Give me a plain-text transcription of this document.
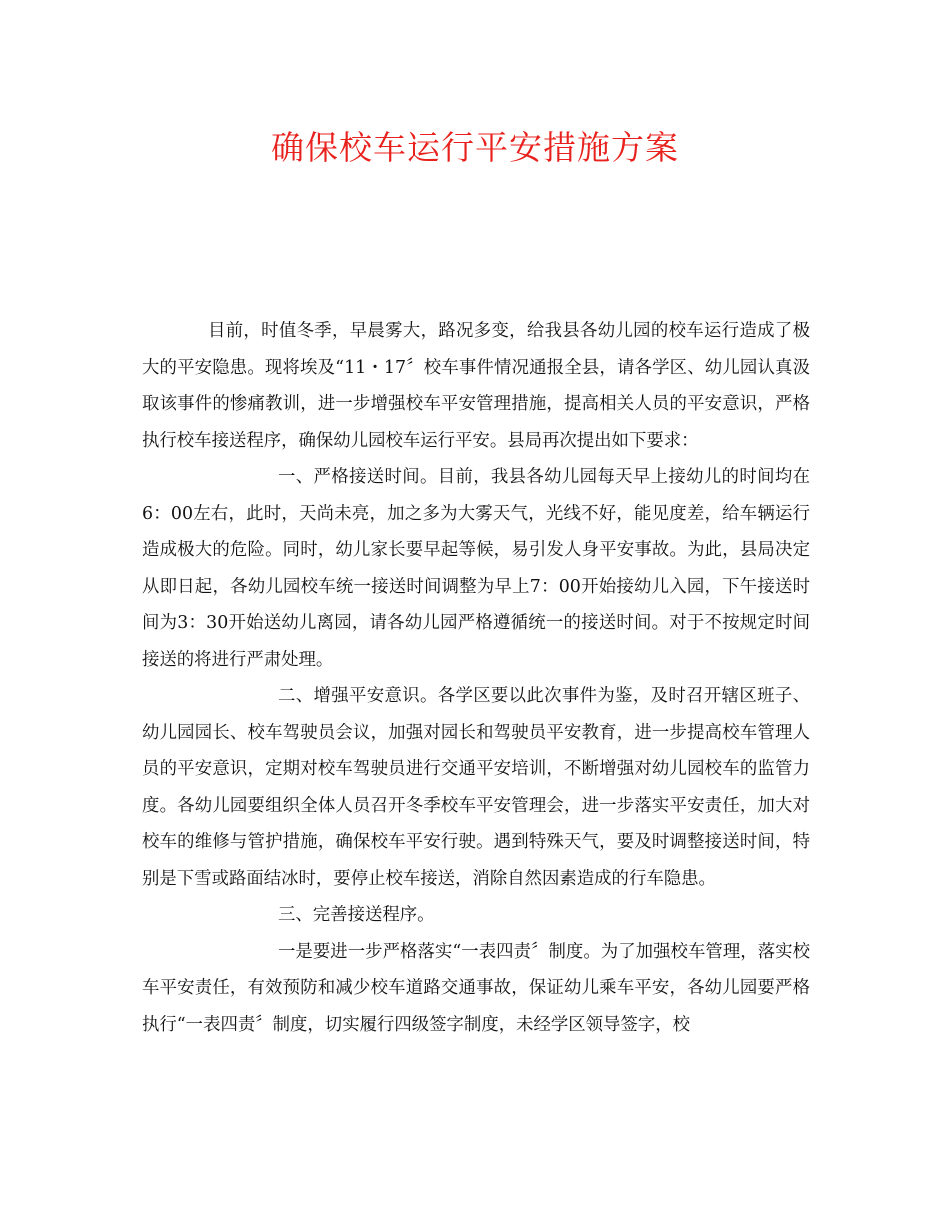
确保校车运行平安措施方案

目前，时值冬季，早晨雾大，路况多变，给我县各幼儿园的校车运行造成了极大的平安隐患。现将埃及“11・17〞校车事件情况通报全县，请各学区、幼儿园认真汲取该事件的惨痛教训，进一步增强校车平安管理措施，提高相关人员的平安意识，严格执行校车接送程序，确保幼儿园校车运行平安。县局再次提出如下要求：

一、严格接送时间。目前，我县各幼儿园每天早上接幼儿的时间均在6：00左右，此时，天尚未亮，加之多为大雾天气，光线不好，能见度差，给车辆运行造成极大的危险。同时，幼儿家长要早起等候，易引发人身平安事故。为此，县局决定从即日起，各幼儿园校车统一接送时间调整为早上7：00开始接幼儿入园，下午接送时间为3：30开始送幼儿离园，请各幼儿园严格遵循统一的接送时间。对于不按规定时间接送的将进行严肃处理。

二、增强平安意识。各学区要以此次事件为鉴，及时召开辖区班子、幼儿园园长、校车驾驶员会议，加强对园长和驾驶员平安教育，进一步提高校车管理人员的平安意识，定期对校车驾驶员进行交通平安培训，不断增强对幼儿园校车的监管力度。各幼儿园要组织全体人员召开冬季校车平安管理会，进一步落实平安责任，加大对校车的维修与管护措施，确保校车平安行驶。遇到特殊天气，要及时调整接送时间，特别是下雪或路面结冰时，要停止校车接送，消除自然因素造成的行车隐患。

三、完善接送程序。

一是要进一步严格落实“一表四责〞制度。为了加强校车管理，落实校车平安责任，有效预防和减少校车道路交通事故，保证幼儿乘车平安，各幼儿园要严格执行“一表四责〞制度，切实履行四级签字制度，未经学区领导签字，校
